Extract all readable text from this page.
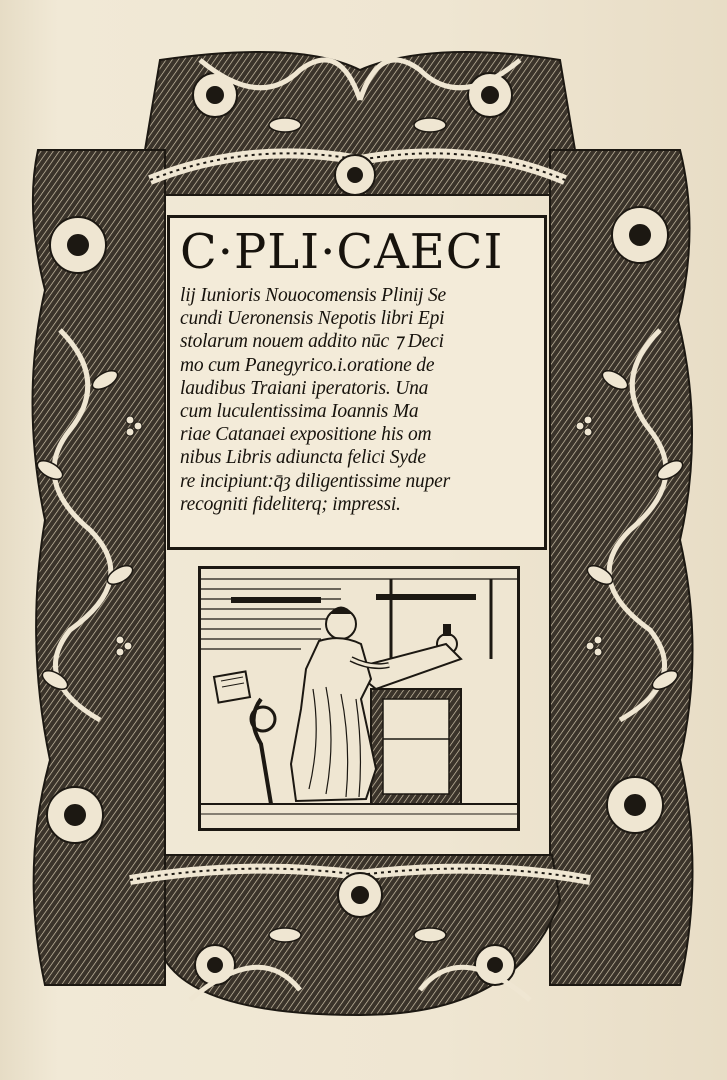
C·PLI·CAECI
lij Iunioris Nouocomensis Plinij Se
cundi Ueronensis Nepotis libri Epi
stolarum nouem addito nūc ⁊ Deci
mo cum Panegyrico.i.oratione de
laudibus Traiani iperatoris. Una
cum luculentissima Ioannis Ma
riae Catanaei expositione his om
nibus Libris adiuncta felici Syde
re incipiunt:q̄ȝ diligentissime nuper
recogniti fideliterq; impressi.
